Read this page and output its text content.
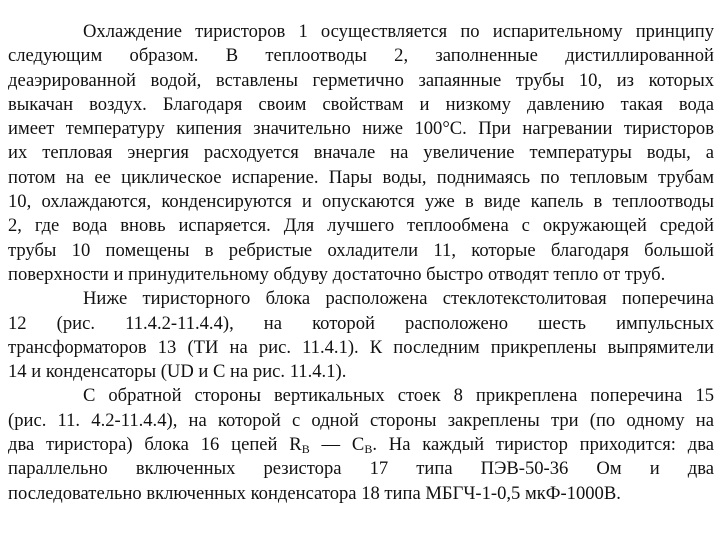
Охлаждение тиристоров 1 осуществляется по испарительному принципу
следующим образом. В теплоотводы 2, заполненные дистиллированной
деаэрированной водой, вставлены герметично запаянные трубы 10, из которых
выкачан воздух. Благодаря своим свойствам и низкому давлению такая вода
имеет температуру кипения значительно ниже 100°С. При нагревании тиристоров
их тепловая энергия расходуется вначале на увеличение температуры воды, а
потом на ее циклическое испарение. Пары воды, поднимаясь по тепловым трубам
10, охлаждаются, конденсируются и опускаются уже в виде капель в теплоотводы
2, где вода вновь испаряется. Для лучшего теплообмена с окружающей средой
трубы 10 помещены в ребристые охладители 11, которые благодаря большой
поверхности и принудительному обдуву достаточно быстро отводят тепло от труб.
Ниже тиристорного блока расположена стеклотекстолитовая поперечина
12 (рис. 11.4.2-11.4.4), на которой расположено шесть импульсных
трансформаторов 13 (ТИ на рис. 11.4.1). К последним прикреплены выпрямители
14 и конденсаторы (UD и С на рис. 11.4.1).
С обратной стороны вертикальных стоек 8 прикреплена поперечина 15
(рис. 11. 4.2-11.4.4), на которой с одной стороны закреплены три (по одному на
два тиристора) блока 16 цепей $R_В$ — $С_В$. На каждый тиристор приходится: два
параллельно включенных резистора 17 типа ПЭВ-50-36 Ом и два
последовательно включенных конденсатора 18 типа МБГЧ-1-0,5 мкФ-1000В.
